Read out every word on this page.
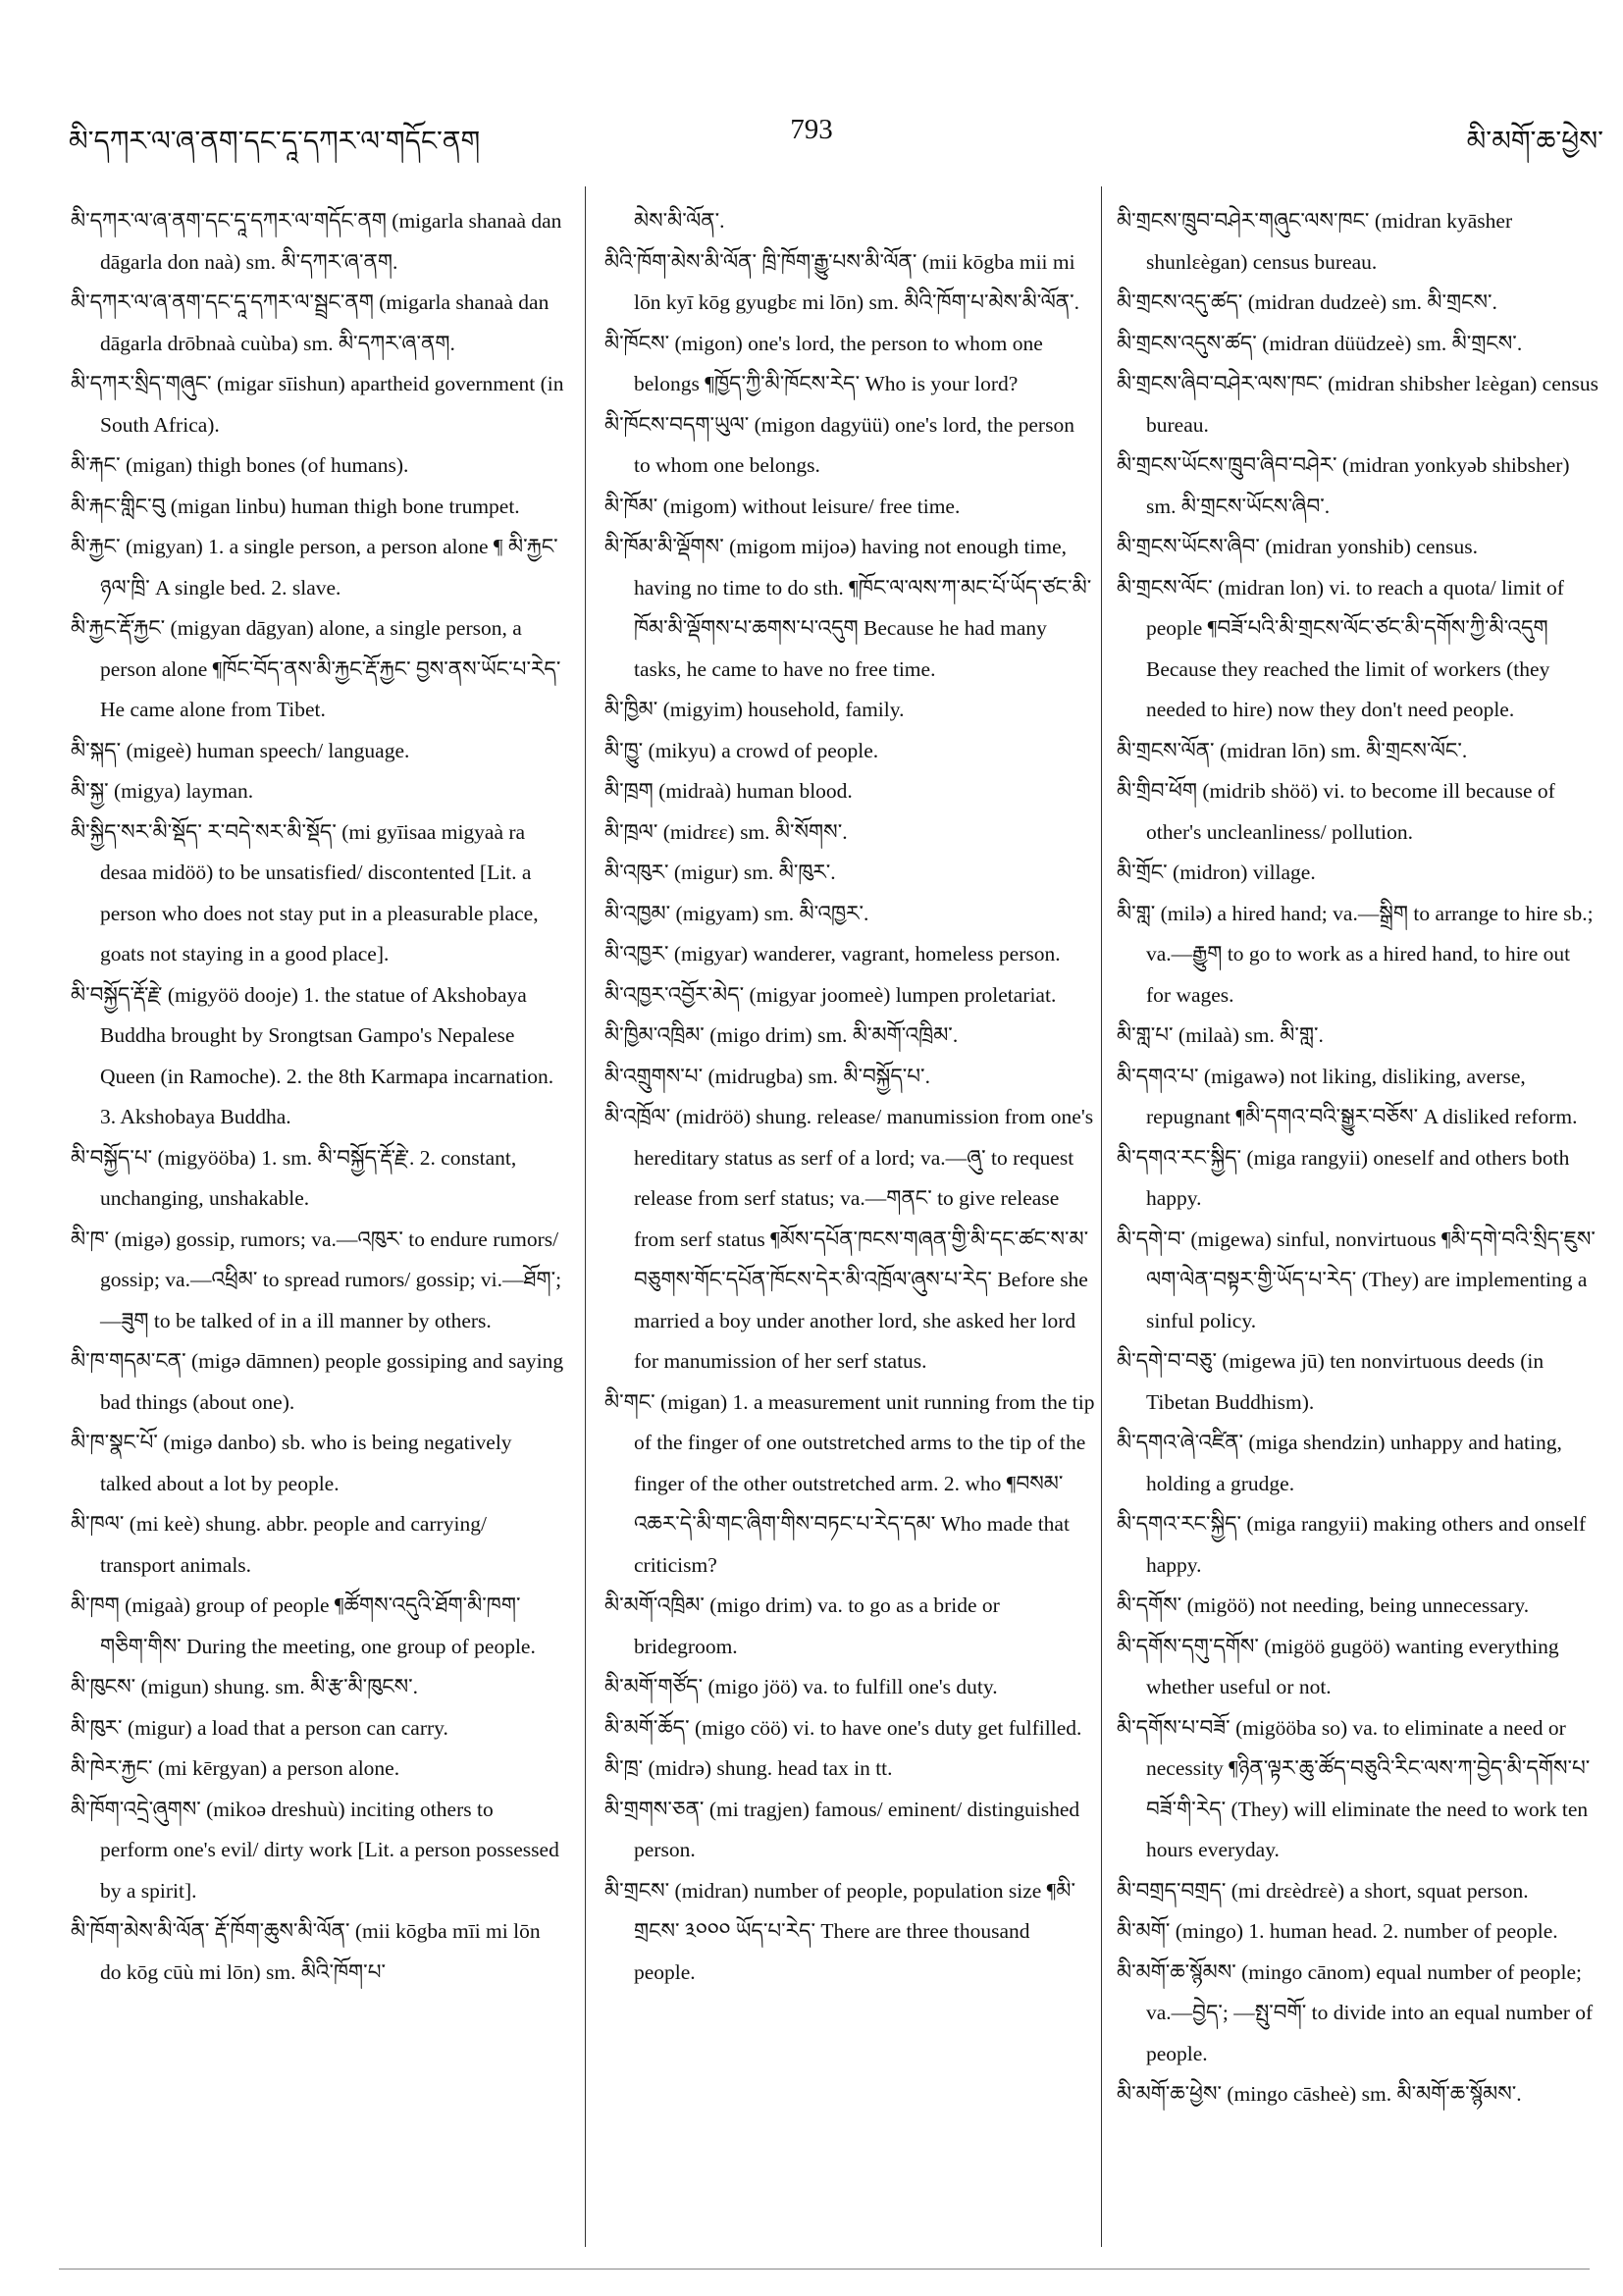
མི་དཀར་ལ་ཞ་ནག་དང་དཱ་དཀར་ལ་གདོང་ནག	793	མི་མགོ་ཆ་ཕྱེས་

མི་དཀར་ལ་ཞ་ནག་དང་དཱ་དཀར་ལ་གདོང་ནག (migarla shanaà dan dāgarla don naà) sm. མི་དཀར་ཞ་ནག.

མི་དཀར་ལ་ཞ་ནག་དང་དཱ་དཀར་ལ་སྦྲང་ནག (migarla shanaà dan dāgarla drōbnaà cuùba) sm. མི་དཀར་ཞ་ནག.

མི་དཀར་སྲིད་གཞུང་ (migar sīishun) apartheid government (in South Africa).

མི་རྐང་ (migan) thigh bones (of humans).

མི་རྐང་གླིང་བུ (migan linbu) human thigh bone trumpet.

མི་རྐྱང་ (migyan) 1. a single person, a person alone ¶ མི་རྐྱང་ཉལ་ཁྲི་ A single bed. 2. slave.

མི་རྐྱང་རྡོ་རྐྱང་ (migyan dāgyan) alone, a single person, a person alone ¶ཁོང་བོད་ནས་མི་རྐྱང་རྡོ་རྐྱང་ བྱས་ནས་ཡོང་པ་རེད་ He came alone from Tibet.

མི་སྐད་ (migeè) human speech/ language.

མི་སྐྱ་ (migya) layman.

མི་སྐྱིད་སར་མི་སྡོད་ ར་བདེ་སར་མི་སྡོད་ (mi gyīisaa migyaà ra desaa midöö) to be unsatisfied/ discontented [Lit. a person who does not stay put in a pleasurable place, goats not staying in a good place].

མི་བསྐྱོད་རྡོ་རྗེ་ (migyöö dooje) 1. the statue of Akshobaya Buddha brought by Srongtsan Gampo's Nepalese Queen (in Ramoche). 2. the 8th Karmapa incarnation. 3. Akshobaya Buddha.

མི་བསྐྱོད་པ་ (migyööba) 1. sm. མི་བསྐྱོད་རྡོ་རྗེ་. 2. constant, unchanging, unshakable.

མི་ཁ་ (migə) gossip, rumors; va.—འཁུར་ to endure rumors/ gossip; va.—འཕྲིམ་ to spread rumors/ gossip; vi.—ཐོག་; —ཟུག to be talked of in a ill manner by others.

མི་ཁ་གདམ་ངན་ (migə dāmnen) people gossiping and saying bad things (about one).

མི་ཁ་སྣང་པོ་ (migə danbo) sb. who is being negatively talked about a lot by people.

མི་ཁལ་ (mi keè) shung. abbr. people and carrying/ transport animals.

མི་ཁག (migaà) group of people ¶ཚོགས་འདུའི་ཐོག་མི་ཁག་གཅིག་གིས་ During the meeting, one group of people.

མི་ཁུངས་ (migun) shung. sm. མི་རྩ་མི་ཁུངས་.

མི་ཁུར་ (migur) a load that a person can carry.

མི་ཁེར་རྐྱང་ (mi kērgyan) a person alone.

མི་ཁོག་འདྲེ་ཞུགས་ (mikoə dreshuù) inciting others to perform one's evil/ dirty work [Lit. a person possessed by a spirit].

མི་ཁོག་མེས་མི་ལོན་ རྡོ་ཁོག་ཆུས་མི་ལོན་ (mii kōgba mīi mi lōn do kōg cūù mi lōn) sm. མིའི་ཁོག་པ་

མེས་མི་ལོན་.

མིའི་ཁོག་མེས་མི་ལོན་ ཁྲི་ཁོག་རྒྱུ་པས་མི་ལོན་ (mii kōgba mii mi lōn kyī kōg gyugbɛ mi lōn) sm. མིའི་ཁོག་པ་མེས་མི་ལོན་.

མི་ཁོངས་ (migon) one's lord, the person to whom one belongs ¶ཁྱོད་ཀྱི་མི་ཁོངས་རེད་ Who is your lord?

མི་ཁོངས་བདག་ཡུལ་ (migon dagyüü) one's lord, the person to whom one belongs.

མི་ཁོམ་ (migom) without leisure/ free time.

མི་ཁོམ་མི་ལྡོགས་ (migom mijoə) having not enough time, having no time to do sth. ¶ཁོང་ལ་ལས་ཀ་མང་པོ་ཡོད་ཙང་མི་ཁོམ་མི་ལྡོགས་པ་ཆགས་པ་འདུག Because he had many tasks, he came to have no free time.

མི་ཁྱིམ་ (migyim) household, family.

མི་ཁྱུ་ (mikyu) a crowd of people.

མི་ཁྲག (midraà) human blood.

མི་ཁྲལ་ (midrɛɛ) sm. མི་སོགས་.

མི་འཁུར་ (migur) sm. མི་ཁུར་.

མི་འཁྱམ་ (migyam) sm. མི་འཁྱར་.

མི་འཁྱར་ (migyar) wanderer, vagrant, homeless person.

མི་འཁྱར་འབྱོར་མེད་ (migyar joomeè) lumpen proletariat.

མི་ཁྱིམ་འཁྲིམ་ (migo drim) sm. མི་མགོ་འཁྲིམ་.

མི་འགྲུགས་པ་ (midrugba) sm. མི་བསྐྱོད་པ་.

མི་འཁྲོལ་ (midröö) shung. release/ manumission from one's hereditary status as serf of a lord; va.—ཞུ་ to request release from serf status; va.—གནང་ to give release from serf status ¶མོས་དཔོན་ཁངས་གཞན་གྱི་མི་དང་ཚང་ས་མ་བཅུགས་གོང་དཔོན་ཁོངས་དེར་མི་འཁྲོལ་ཞུས་པ་རེད་ Before she married a boy under another lord, she asked her lord for manumission of her serf status.

མི་གང་ (migan) 1. a measurement unit running from the tip of the finger of one outstretched arms to the tip of the finger of the other outstretched arm. 2. who ¶བསམ་འཆར་དེ་མི་གང་ཞིག་གིས་བཏང་པ་རེད་དམ་ Who made that criticism?

མི་མགོ་འཁྲིམ་ (migo drim) va. to go as a bride or bridegroom.

མི་མགོ་གཙོད་ (migo jöö) va. to fulfill one's duty.

མི་མགོ་ཆོད་ (migo cöö) vi. to have one's duty get fulfilled.

མི་ཁྲ་ (midrə) shung. head tax in tt.

མི་གྲགས་ཅན་ (mi tragjen) famous/ eminent/ distinguished person.

མི་གྲངས་ (midran) number of people, population size ¶མི་གྲངས་ ༣༠༠༠ ཡོད་པ་རེད་ There are three thousand people.

མི་གྲངས་ཁྲུབ་བཤེར་གཞུང་ལས་ཁང་ (midran kyāsher shunlɛègan) census bureau.

མི་གྲངས་འདུ་ཚད་ (midran dudzeè) sm. མི་གྲངས་.

མི་གྲངས་འདུས་ཚད་ (midran düüdzeè) sm. མི་གྲངས་.

མི་གྲངས་ཞིབ་བཤེར་ལས་ཁང་ (midran shibsher lɛègan) census bureau.

མི་གྲངས་ཡོངས་ཁྲུབ་ཞིབ་བཤེར་ (midran yonkyəb shibsher) sm. མི་གྲངས་ཡོངས་ཞིབ་.

མི་གྲངས་ཡོངས་ཞིབ་ (midran yonshib) census.

མི་གྲངས་ལོང་ (midran lon) vi. to reach a quota/ limit of people ¶བཟོ་པའི་མི་གྲངས་ལོང་ཙང་མི་དགོས་ཀྱི་མི་འདུག Because they reached the limit of workers (they needed to hire) now they don't need people.

མི་གྲངས་ལོན་ (midran lōn) sm. མི་གྲངས་ལོང་.

མི་གྲིབ་ཕོག (midrib shöö) vi. to become ill because of other's uncleanliness/ pollution.

མི་གྲོང་ (midron) village.

མི་གླ་ (milə) a hired hand; va.—སྒྲིག to arrange to hire sb.; va.—རྒྱུག to go to work as a hired hand, to hire out for wages.

མི་གླ་པ་ (milaà) sm. མི་གླ་.

མི་དགའ་པ་ (migawə) not liking, disliking, averse, repugnant ¶མི་དགའ་བའི་སྒྱུར་བཅོས་ A disliked reform.

མི་དགའ་རང་སྐྱིད་ (miga rangyii) oneself and others both happy.

མི་དགེ་བ་ (migewa) sinful, nonvirtuous ¶མི་དགེ་བའི་སྲིད་ཇུས་ལག་ལེན་བསྟར་གྱི་ཡོད་པ་རེད་ (They) are implementing a sinful policy.

མི་དགེ་བ་བཅུ་ (migewa jū) ten nonvirtuous deeds (in Tibetan Buddhism).

མི་དགའ་ཞེ་འཛིན་ (miga shendzin) unhappy and hating, holding a grudge.

མི་དགའ་རང་སྐྱིད་ (miga rangyii) making others and onself happy.

མི་དགོས་ (migöö) not needing, being unnecessary.

མི་དགོས་དགུ་དགོས་ (migöö gugöö) wanting everything whether useful or not.

མི་དགོས་པ་བཟོ་ (migööba so) va. to eliminate a need or necessity ¶ཉིན་ལྟར་ཆུ་ཚོད་བཅུའི་རིང་ལས་ཀ་བྱེད་མི་དགོས་པ་བཟོ་གི་རེད་ (They) will eliminate the need to work ten hours everyday.

མི་བགྲད་བགྲད་ (mi drɛèdrɛè) a short, squat person.

མི་མགོ་ (mingo) 1. human head. 2. number of people.

མི་མགོ་ཆ་སྙོམས་ (mingo cānom) equal number of people; va.—བྱེད་; —སྤུ་བགོ་ to divide into an equal number of people.

མི་མགོ་ཆ་ཕྱེས་ (mingo cāsheè) sm. མི་མགོ་ཆ་སྙོམས་.
